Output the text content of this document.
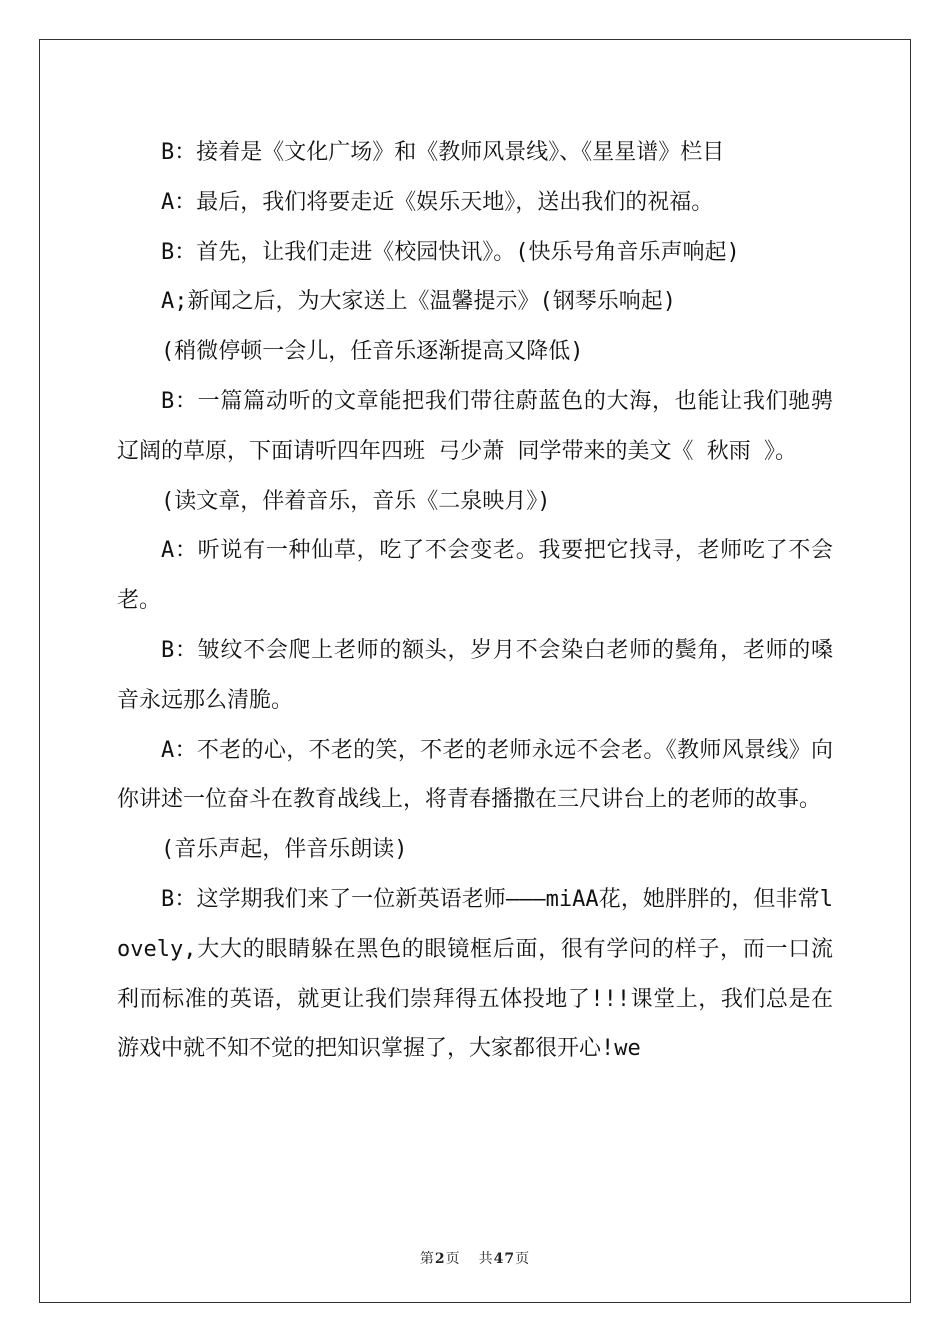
B：接着是《文化广场》和《教师风景线》、《星星谱》栏目

A：最后，我们将要走近《娱乐天地》，送出我们的祝福。

B：首先，让我们走进《校园快讯》。(快乐号角音乐声响起)

A;新闻之后，为大家送上《温馨提示》(钢琴乐响起)

(稍微停顿一会儿，任音乐逐渐提高又降低)

B：一篇篇动听的文章能把我们带往蔚蓝色的大海，也能让我们驰骋辽阔的草原，下面请听四年四班 弓少萧 同学带来的美文《 秋雨 》。

(读文章，伴着音乐，音乐《二泉映月》)

A：听说有一种仙草，吃了不会变老。我要把它找寻，老师吃了不会老。

B：皱纹不会爬上老师的额头，岁月不会染白老师的鬓角，老师的嗓音永远那么清脆。

A：不老的心，不老的笑，不老的老师永远不会老。《教师风景线》向你讲述一位奋斗在教育战线上，将青春播撒在三尺讲台上的老师的故事。

(音乐声起，伴音乐朗读)

B：这学期我们来了一位新英语老师———miAA花，她胖胖的，但非常lovely,大大的眼睛躲在黑色的眼镜框后面，很有学问的样子，而一口流利而标准的英语，就更让我们崇拜得五体投地了!!!课堂上，我们总是在游戏中就不知不觉的把知识掌握了，大家都很开心!we

第2页 共47页
